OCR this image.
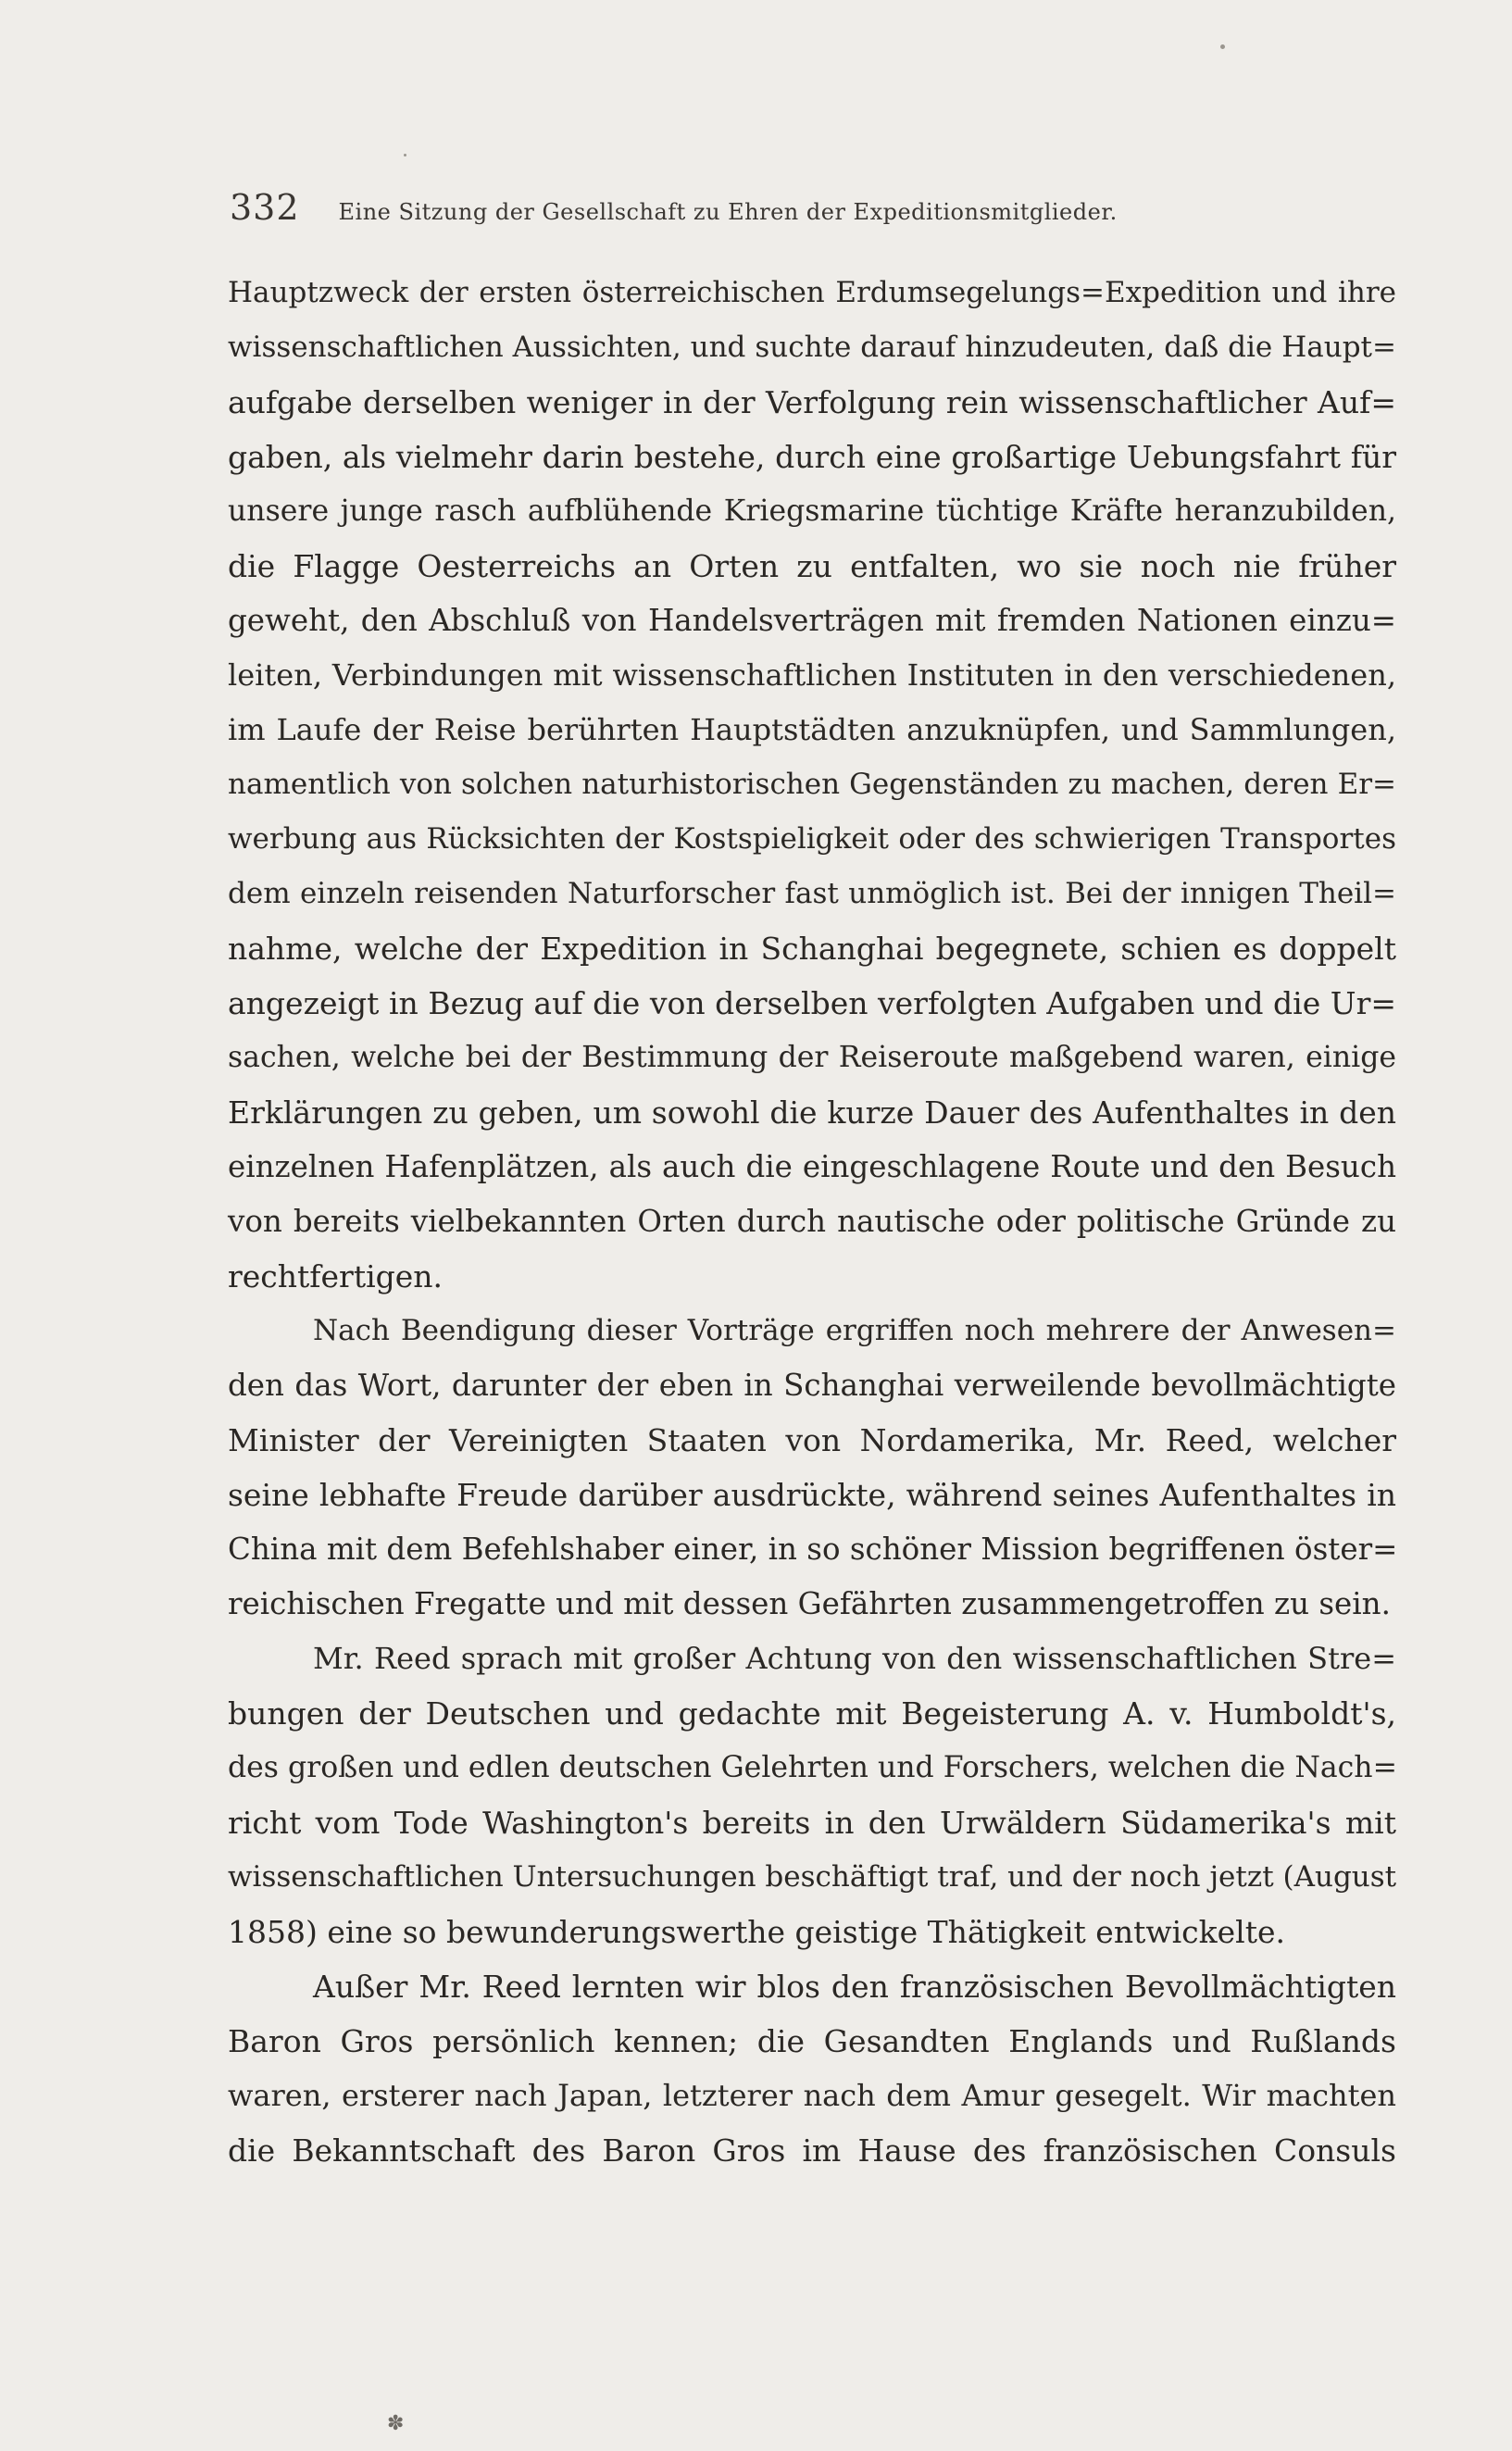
332 Eine Sitzung der Gesellschaft zu Ehren der Expeditionsmitglieder.
Hauptzweck der ersten österreichischen Erdumsegelungs=Expedition und ihre
wissenschaftlichen Aussichten, und suchte darauf hinzudeuten, daß die Haupt=
aufgabe derselben weniger in der Verfolgung rein wissenschaftlicher Auf=
gaben, als vielmehr darin bestehe, durch eine großartige Uebungsfahrt für
unsere junge rasch aufblühende Kriegsmarine tüchtige Kräfte heranzubilden,
die Flagge Oesterreichs an Orten zu entfalten, wo sie noch nie früher
geweht, den Abschluß von Handelsverträgen mit fremden Nationen einzu=
leiten, Verbindungen mit wissenschaftlichen Instituten in den verschiedenen,
im Laufe der Reise berührten Hauptstädten anzuknüpfen, und Sammlungen,
namentlich von solchen naturhistorischen Gegenständen zu machen, deren Er=
werbung aus Rücksichten der Kostspieligkeit oder des schwierigen Transportes
dem einzeln reisenden Naturforscher fast unmöglich ist. Bei der innigen Theil=
nahme, welche der Expedition in Schanghai begegnete, schien es doppelt
angezeigt in Bezug auf die von derselben verfolgten Aufgaben und die Ur=
sachen, welche bei der Bestimmung der Reiseroute maßgebend waren, einige
Erklärungen zu geben, um sowohl die kurze Dauer des Aufenthaltes in den
einzelnen Hafenplätzen, als auch die eingeschlagene Route und den Besuch
von bereits vielbekannten Orten durch nautische oder politische Gründe zu
rechtfertigen.
Nach Beendigung dieser Vorträge ergriffen noch mehrere der Anwesen=
den das Wort, darunter der eben in Schanghai verweilende bevollmächtigte
Minister der Vereinigten Staaten von Nordamerika, Mr. Reed, welcher
seine lebhafte Freude darüber ausdrückte, während seines Aufenthaltes in
China mit dem Befehlshaber einer, in so schöner Mission begriffenen öster=
reichischen Fregatte und mit dessen Gefährten zusammengetroffen zu sein.
Mr. Reed sprach mit großer Achtung von den wissenschaftlichen Stre=
bungen der Deutschen und gedachte mit Begeisterung A. v. Humboldt's,
des großen und edlen deutschen Gelehrten und Forschers, welchen die Nach=
richt vom Tode Washington's bereits in den Urwäldern Südamerika's mit
wissenschaftlichen Untersuchungen beschäftigt traf, und der noch jetzt (August
1858) eine so bewunderungswerthe geistige Thätigkeit entwickelte.
Außer Mr. Reed lernten wir blos den französischen Bevollmächtigten
Baron Gros persönlich kennen; die Gesandten Englands und Rußlands
waren, ersterer nach Japan, letzterer nach dem Amur gesegelt. Wir machten
die Bekanntschaft des Baron Gros im Hause des französischen Consuls
✽
